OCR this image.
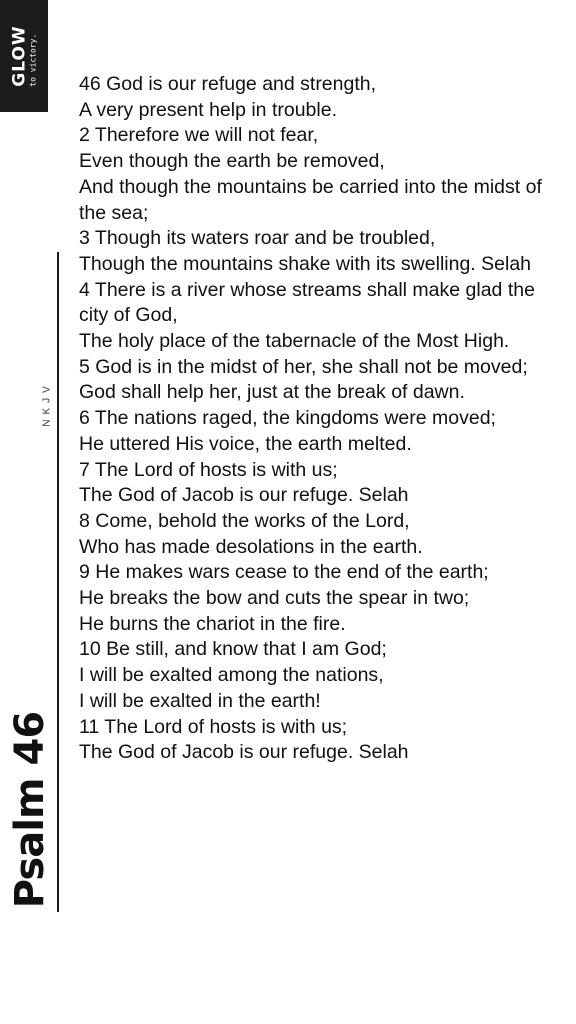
GLOW to victory.
NKJV
Psalm 46
46 God is our refuge and strength,
A very present help in trouble.
2 Therefore we will not fear,
Even though the earth be removed,
And though the mountains be carried into the midst of the sea;
3 Though its waters roar and be troubled,
Though the mountains shake with its swelling. Selah
4 There is a river whose streams shall make glad the city of God,
The holy place of the tabernacle of the Most High.
5 God is in the midst of her, she shall not be moved;
God shall help her, just at the break of dawn.
6 The nations raged, the kingdoms were moved;
He uttered His voice, the earth melted.
7 The Lord of hosts is with us;
The God of Jacob is our refuge. Selah
8 Come, behold the works of the Lord,
Who has made desolations in the earth.
9 He makes wars cease to the end of the earth;
He breaks the bow and cuts the spear in two;
He burns the chariot in the fire.
10 Be still, and know that I am God;
I will be exalted among the nations,
I will be exalted in the earth!
11 The Lord of hosts is with us;
The God of Jacob is our refuge. Selah
